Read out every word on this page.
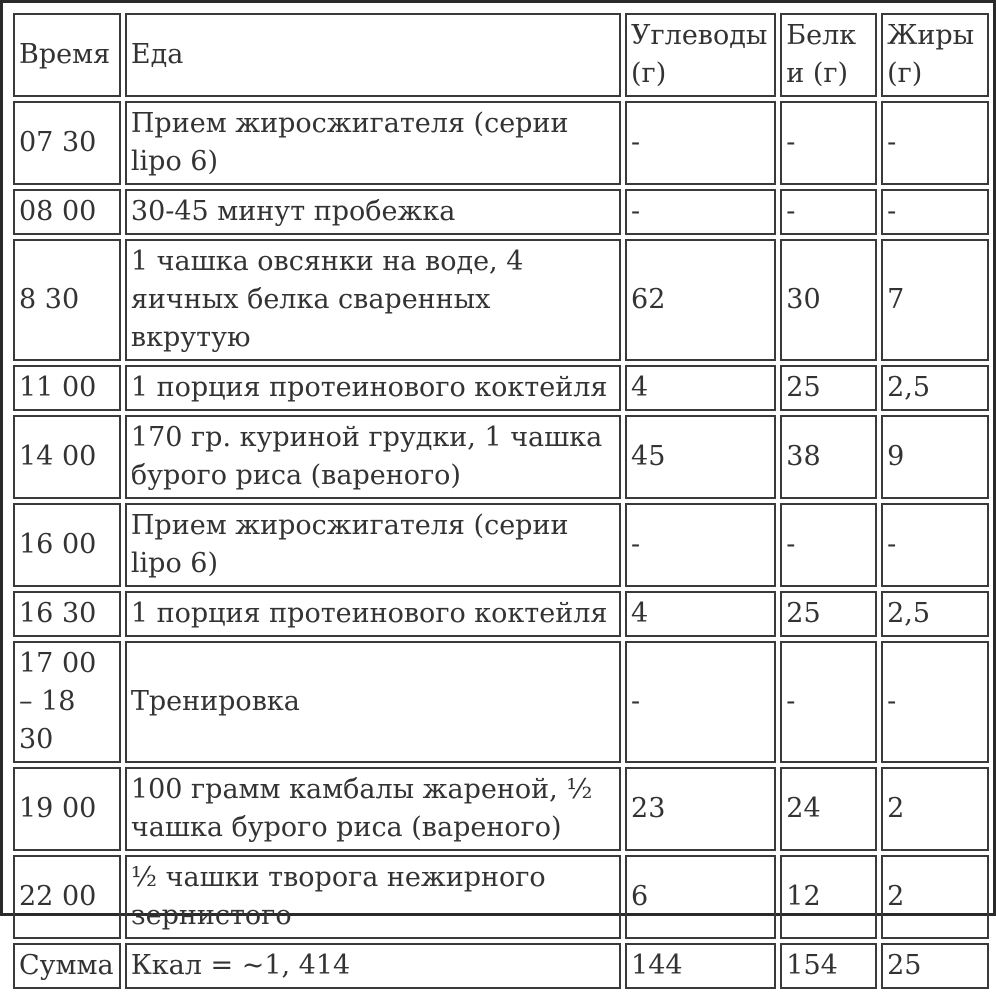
Время	Еда	Углеводы (г)	Белки (г)	Жиры (г)
07 30	Прием жиросжигателя (серии lipo 6)	-	-	-
08 00	30-45 минут пробежка	-	-	-
8 30	1 чашка овсянки на воде, 4 яичных белка сваренных вкрутую	62	30	7
11 00	1 порция протеинового коктейля	4	25	2,5
14 00	170 гр. куриной грудки, 1 чашка бурого риса (вареного)	45	38	9
16 00	Прием жиросжигателя (серии lipo 6)	-	-	-
16 30	1 порция протеинового коктейля	4	25	2,5
17 00 – 18 30	Тренировка	-	-	-
19 00	100 грамм камбалы жареной, ½ чашка бурого риса (вареного)	23	24	2
22 00	½ чашки творога нежирного зернистого	6	12	2
Сумма	Ккал = ~1, 414	144	154	25
